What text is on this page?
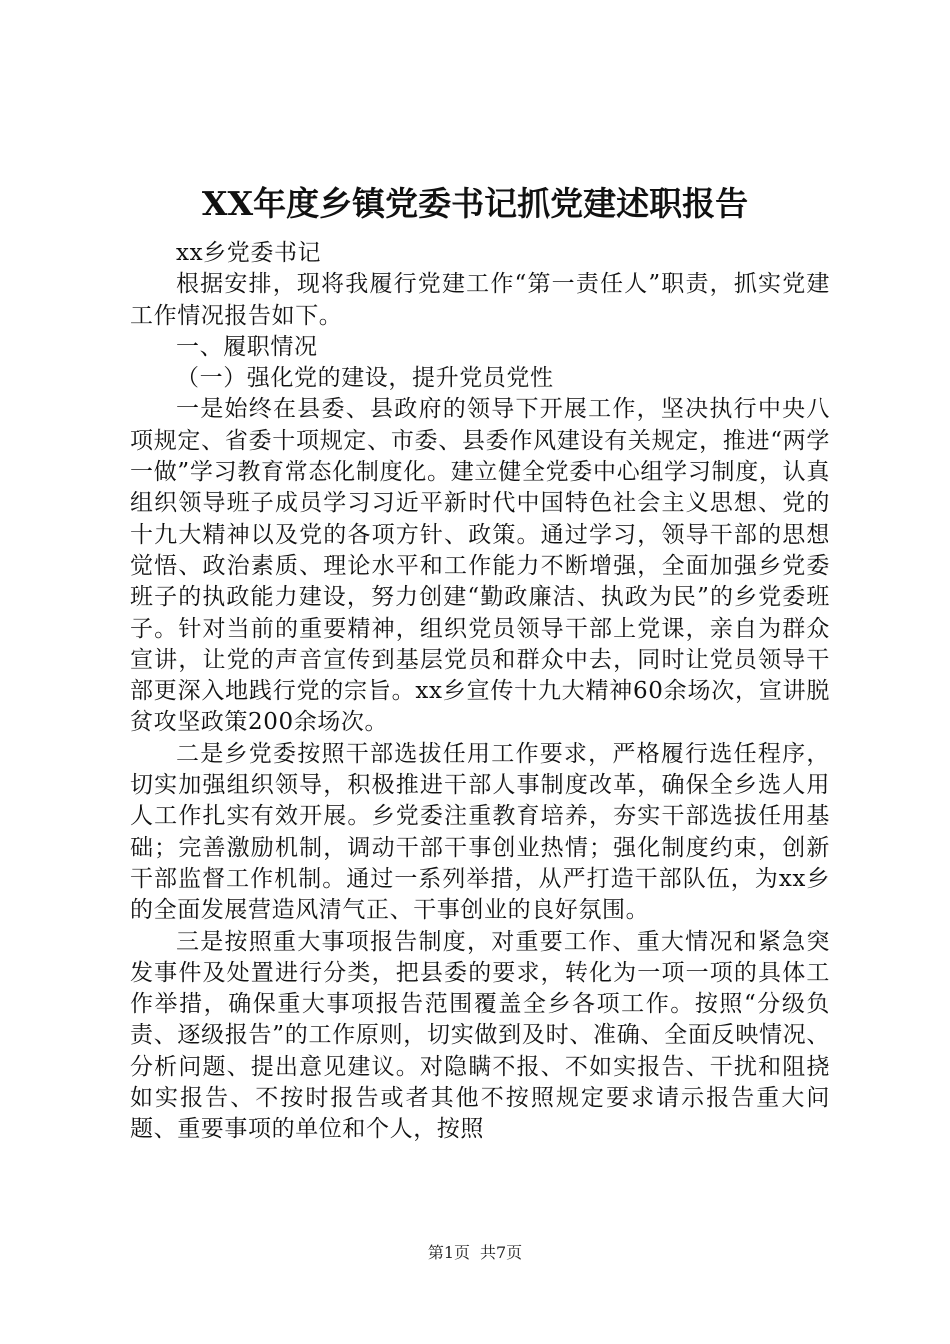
XX年度乡镇党委书记抓党建述职报告

xx乡党委书记

根据安排，现将我履行党建工作“第一责任人”职责，抓实党建工作情况报告如下。

一、履职情况

（一）强化党的建设，提升党员党性

一是始终在县委、县政府的领导下开展工作，坚决执行中央八项规定、省委十项规定、市委、县委作风建设有关规定，推进“两学一做”学习教育常态化制度化。建立健全党委中心组学习制度，认真组织领导班子成员学习习近平新时代中国特色社会主义思想、党的十九大精神以及党的各项方针、政策。通过学习，领导干部的思想觉悟、政治素质、理论水平和工作能力不断增强，全面加强乡党委班子的执政能力建设，努力创建“勤政廉洁、执政为民”的乡党委班子。针对当前的重要精神，组织党员领导干部上党课，亲自为群众宣讲，让党的声音宣传到基层党员和群众中去，同时让党员领导干部更深入地践行党的宗旨。xx乡宣传十九大精神60余场次，宣讲脱贫攻坚政策200余场次。

二是乡党委按照干部选拔任用工作要求，严格履行选任程序，切实加强组织领导，积极推进干部人事制度改革，确保全乡选人用人工作扎实有效开展。乡党委注重教育培养，夯实干部选拔任用基础；完善激励机制，调动干部干事创业热情；强化制度约束，创新干部监督工作机制。通过一系列举措，从严打造干部队伍，为xx乡的全面发展营造风清气正、干事创业的良好氛围。

三是按照重大事项报告制度，对重要工作、重大情况和紧急突发事件及处置进行分类，把县委的要求，转化为一项一项的具体工作举措，确保重大事项报告范围覆盖全乡各项工作。按照“分级负责、逐级报告”的工作原则，切实做到及时、准确、全面反映情况、分析问题、提出意见建议。对隐瞒不报、不如实报告、干扰和阻挠如实报告、不按时报告或者其他不按照规定要求请示报告重大问题、重要事项的单位和个人，按照

第1页 共7页
